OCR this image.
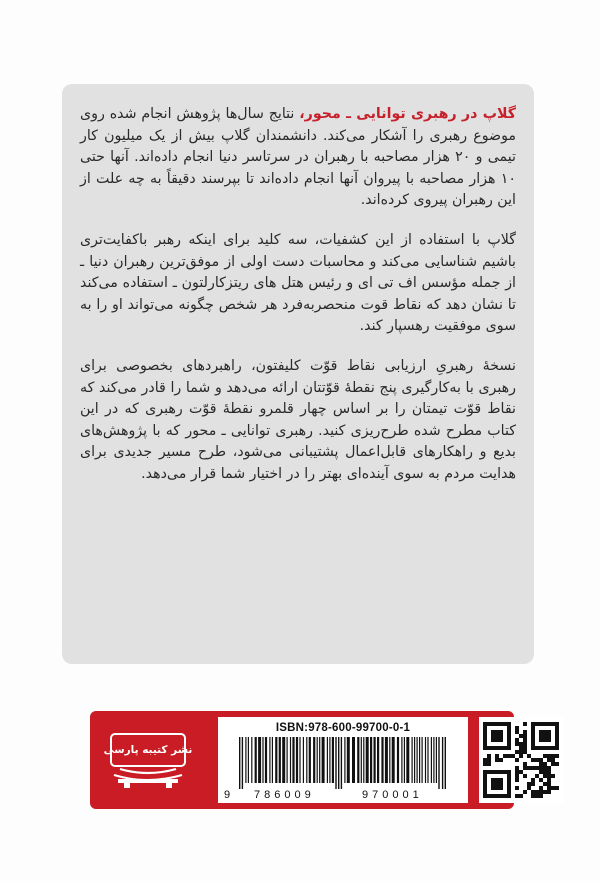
گلاپ در رهبری توانایی ـ محور، نتایج سال‌ها پژوهش انجام شده روی موضوع رهبری را آشکار می‌کند. دانشمندان گلاپ بیش از یک میلیون کار تیمی و ۲۰ هزار مصاحبه با رهبران در سرتاسر دنیا انجام داده‌اند. آنها حتی ۱۰ هزار مصاحبه با پیروان آنها انجام داده‌اند تا بپرسند دقیقاً به چه علت از این رهبران پیروی کرده‌اند.

گلاپ با استفاده از این کشفیات، سه کلید برای اینکه رهبر باکفایت‌تری باشیم شناسایی می‌کند و محاسبات دست اولی از موفق‌ترین رهبران دنیا ـ از جمله مؤسس اف تی ای و رئیس هتل های ریتزکارلتون ـ استفاده می‌کند تا نشان دهد که نقاط قوت منحصربه‌فرد هر شخص چگونه می‌تواند او را به سوی موفقیت رهسپار کند.

نسخهٔ رهبریِ ارزیابی نقاط قوّت کلیفتون، راهبردهای بخصوصی برای رهبری با به‌کارگیری پنج نقطهٔ قوّتتان ارائه می‌دهد و شما را قادر می‌کند که نقاط قوّت تیمتان را بر اساس چهار قلمرو نقطهٔ قوّت رهبری که در این کتاب مطرح شده طرح‌ریزی کنید. رهبری توانایی ـ محور که با پژوهش‌های بدیع و راهکارهای قابل‌اعمال پشتیبانی می‌شود، طرح مسیر جدیدی برای هدایت مردم به سوی آینده‌ای بهتر را در اختیار شما قرار می‌دهد.

ISBN:978-600-99700-0-1
9 786009	970001
نشر کتیبه پارسی
